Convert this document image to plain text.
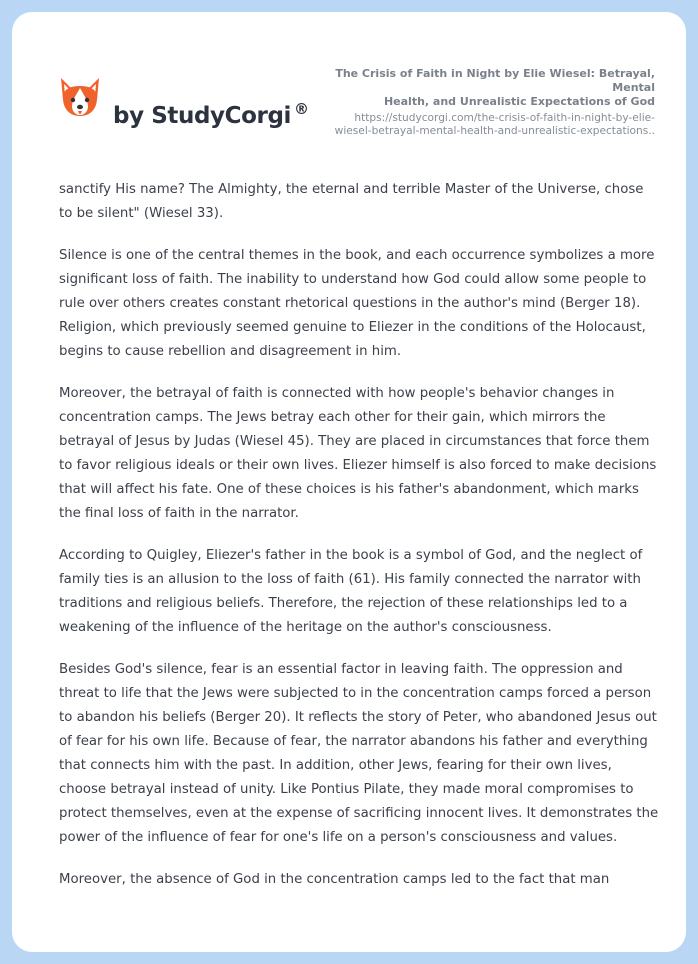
by StudyCorgi ®
The Crisis of Faith in Night by Elie Wiesel: Betrayal, Mental
Health, and Unrealistic Expectations of God
https://studycorgi.com/the-crisis-of-faith-in-night-by-elie-
wiesel-betrayal-mental-health-and-unrealistic-expectations..

sanctify His name? The Almighty, the eternal and terrible Master of the Universe, chose to be silent" (Wiesel 33).

Silence is one of the central themes in the book, and each occurrence symbolizes a more significant loss of faith. The inability to understand how God could allow some people to rule over others creates constant rhetorical questions in the author's mind (Berger 18). Religion, which previously seemed genuine to Eliezer in the conditions of the Holocaust, begins to cause rebellion and disagreement in him.

Moreover, the betrayal of faith is connected with how people's behavior changes in concentration camps. The Jews betray each other for their gain, which mirrors the betrayal of Jesus by Judas (Wiesel 45). They are placed in circumstances that force them to favor religious ideals or their own lives. Eliezer himself is also forced to make decisions that will affect his fate. One of these choices is his father's abandonment, which marks the final loss of faith in the narrator.

According to Quigley, Eliezer's father in the book is a symbol of God, and the neglect of family ties is an allusion to the loss of faith (61). His family connected the narrator with traditions and religious beliefs. Therefore, the rejection of these relationships led to a weakening of the influence of the heritage on the author's consciousness.

Besides God's silence, fear is an essential factor in leaving faith. The oppression and threat to life that the Jews were subjected to in the concentration camps forced a person to abandon his beliefs (Berger 20). It reflects the story of Peter, who abandoned Jesus out of fear for his own life. Because of fear, the narrator abandons his father and everything that connects him with the past. In addition, other Jews, fearing for their own lives, choose betrayal instead of unity. Like Pontius Pilate, they made moral compromises to protect themselves, even at the expense of sacrificing innocent lives. It demonstrates the power of the influence of fear for one's life on a person's consciousness and values.

Moreover, the absence of God in the concentration camps led to the fact that man
